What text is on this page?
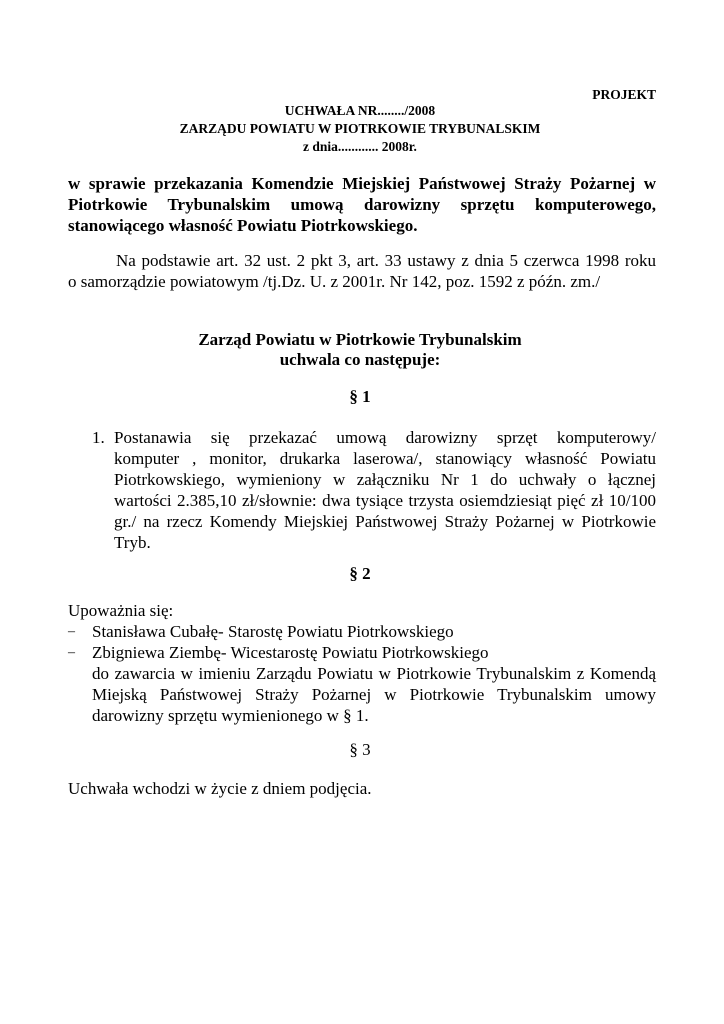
PROJEKT
UCHWAŁA NR......../2008
ZARZĄDU POWIATU W PIOTRKOWIE TRYBUNALSKIM
z dnia............ 2008r.
w sprawie przekazania Komendzie Miejskiej Państwowej Straży Pożarnej w
Piotrkowie Trybunalskim umową darowizny sprzętu komputerowego,
stanowiącego własność Powiatu Piotrkowskiego.
Na podstawie art. 32 ust. 2 pkt 3, art. 33 ustawy z dnia 5 czerwca 1998 roku
o samorządzie powiatowym /tj.Dz. U. z 2001r. Nr 142, poz. 1592 z późn. zm./
Zarząd Powiatu w Piotrkowie Trybunalskim
uchwala co następuje:
§ 1
1. Postanawia się przekazać umową darowizny sprzęt komputerowy/
komputer , monitor, drukarka laserowa/, stanowiący własność Powiatu
Piotrkowskiego, wymieniony w załączniku Nr 1 do uchwały o łącznej
wartości 2.385,10 zł/słownie: dwa tysiące trzysta osiemdziesiąt pięć zł 10/100
gr./ na rzecz Komendy Miejskiej Państwowej Straży Pożarnej w Piotrkowie
Tryb.
§ 2
Upoważnia się:
–	Stanisława Cubałę- Starostę Powiatu Piotrkowskiego
–	Zbigniewa Ziembę- Wicestarostę Powiatu Piotrkowskiego
do zawarcia w imieniu Zarządu Powiatu w Piotrkowie Trybunalskim z Komendą
Miejską Państwowej Straży Pożarnej w Piotrkowie Trybunalskim umowy
darowizny sprzętu wymienionego w § 1.
§ 3
Uchwała wchodzi w życie z dniem podjęcia.
